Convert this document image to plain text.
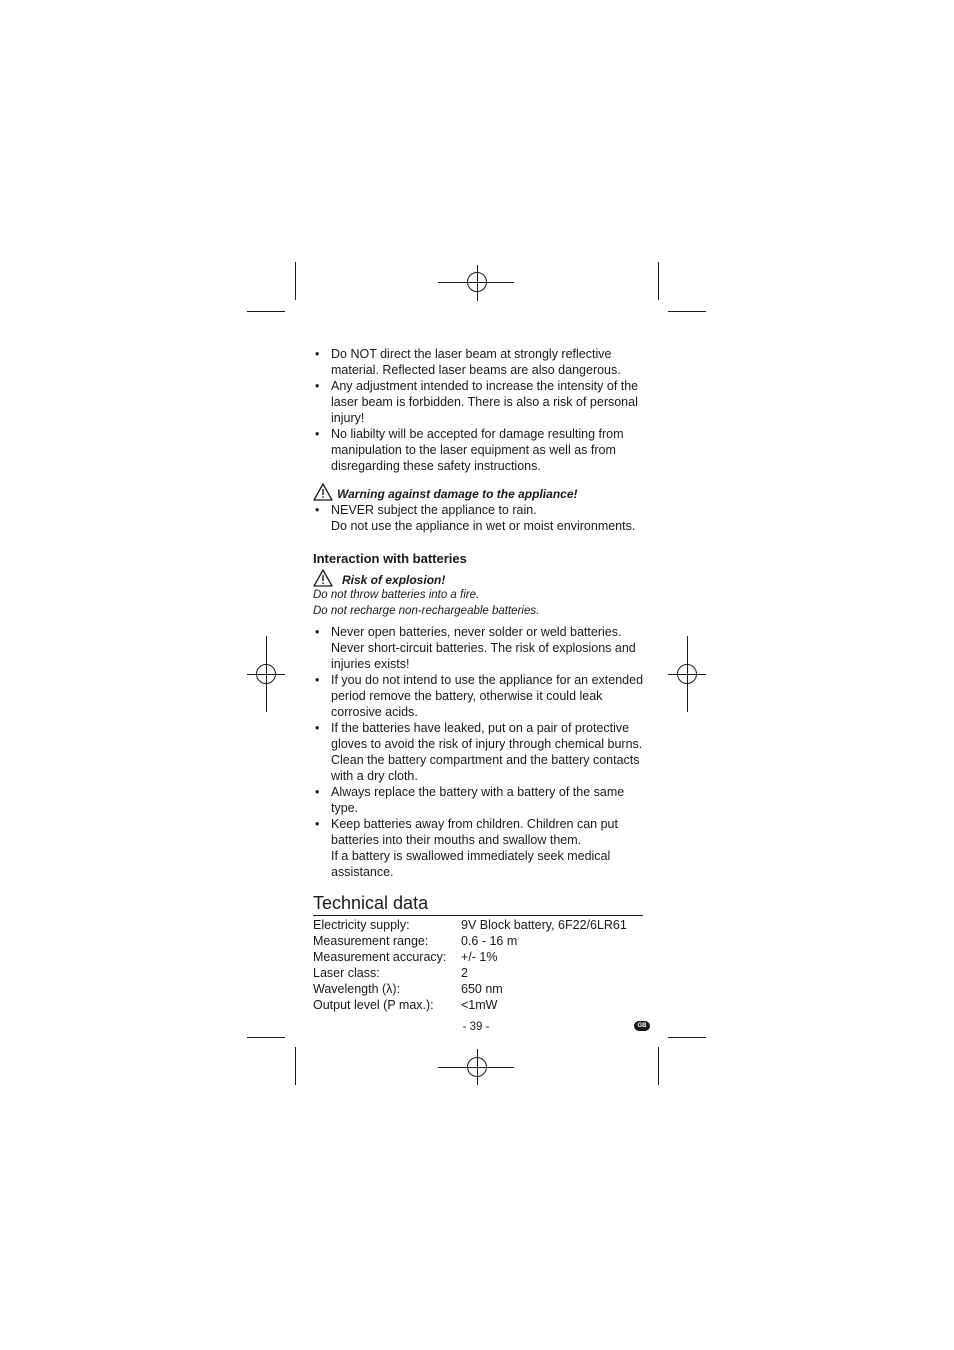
• Do NOT direct the laser beam at strongly reflective
material. Reflected laser beams are also dangerous.
• Any adjustment intended to increase the intensity of the
laser beam is forbidden. There is also a risk of personal
injury!
• No liabilty will be accepted for damage resulting from
manipulation to the laser equipment as well as from
disregarding these safety instructions.
Warning against damage to the appliance!
• NEVER subject the appliance to rain.
Do not use the appliance in wet or moist environments.
Interaction with batteries
Risk of explosion!
Do not throw batteries into a fire.
Do not recharge non-rechargeable batteries.
• Never open batteries, never solder or weld batteries.
Never short-circuit batteries. The risk of explosions and
injuries exists!
• If you do not intend to use the appliance for an extended
period remove the battery, otherwise it could leak
corrosive acids.
• If the batteries have leaked, put on a pair of protective
gloves to avoid the risk of injury through chemical burns.
Clean the battery compartment and the battery contacts
with a dry cloth.
• Always replace the battery with a battery of the same
type.
• Keep batteries away from children. Children can put
batteries into their mouths and swallow them.
If a battery is swallowed immediately seek medical
assistance.
Technical data
Electricity supply:	9V Block battery, 6F22/6LR61
Measurement range:	0.6 - 16 m
Measurement accuracy:	+/- 1%
Laser class:	2
Wavelength (λ):	650 nm
Output level (P max.):	<1mW
- 39 -	GB
